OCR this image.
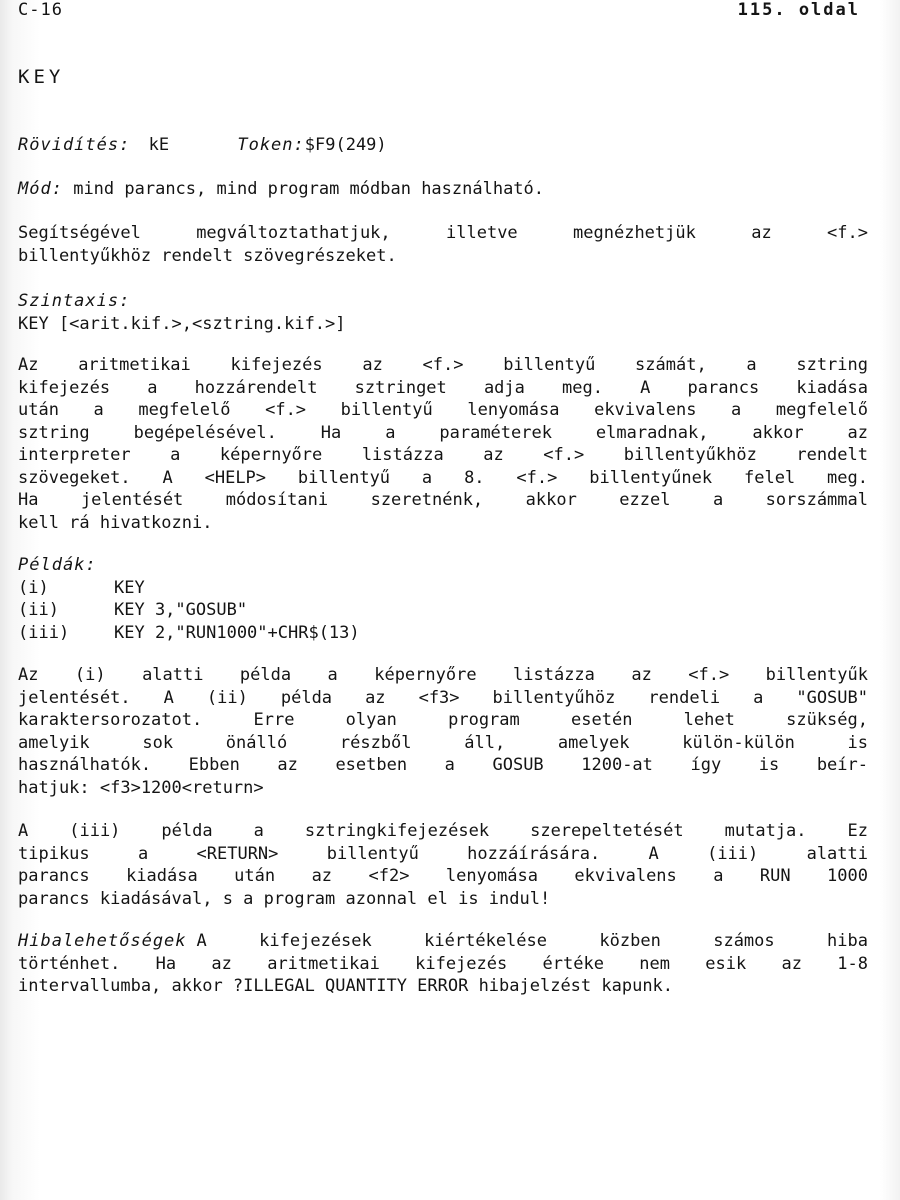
C-16	115. oldal
KEY
Rövidítés: kE	Token:$F9(249)
Mód: mind parancs, mind program módban használható.
Segítségével megváltoztathatjuk, illetve megnézhetjük az <f.>
billentyűkhöz rendelt szövegrészeket.
Szintaxis:
KEY [<arit.kif.>,<sztring.kif.>]
Az aritmetikai kifejezés az <f.> billentyű számát, a sztring
kifejezés a hozzárendelt sztringet adja meg. A parancs kiadása
után a megfelelő <f.> billentyű lenyomása ekvivalens a megfelelő
sztring begépelésével. Ha a paraméterek elmaradnak, akkor az
interpreter a képernyőre listázza az <f.> billentyűkhöz rendelt
szövegeket. A <HELP> billentyű a 8. <f.> billentyűnek felel meg.
Ha jelentését módosítani szeretnénk, akkor ezzel a sorszámmal
kell rá hivatkozni.
Példák:
(i)	KEY
(ii)	KEY 3,"GOSUB"
(iii)	KEY 2,"RUN1000"+CHR$(13)
Az (i) alatti példa a képernyőre listázza az <f.> billentyűk
jelentését. A (ii) példa az <f3> billentyűhöz rendeli a "GOSUB"
karaktersorozatot. Erre olyan program esetén lehet szükség,
amelyik sok önálló részből áll, amelyek külön-külön is
használhatók. Ebben az esetben a GOSUB 1200-at így is beír-
hatjuk: <f3>1200<return>
A (iii) példa a sztringkifejezések szerepeltetését mutatja. Ez
tipikus a <RETURN> billentyű hozzáírására. A (iii) alatti
parancs kiadása után az <f2> lenyomása ekvivalens a RUN 1000
parancs kiadásával, s a program azonnal el is indul!
Hibalehetőségek A kifejezések kiértékelése közben számos hiba
történhet. Ha az aritmetikai kifejezés értéke nem esik az 1-8
intervallumba, akkor ?ILLEGAL QUANTITY ERROR hibajelzést kapunk.
